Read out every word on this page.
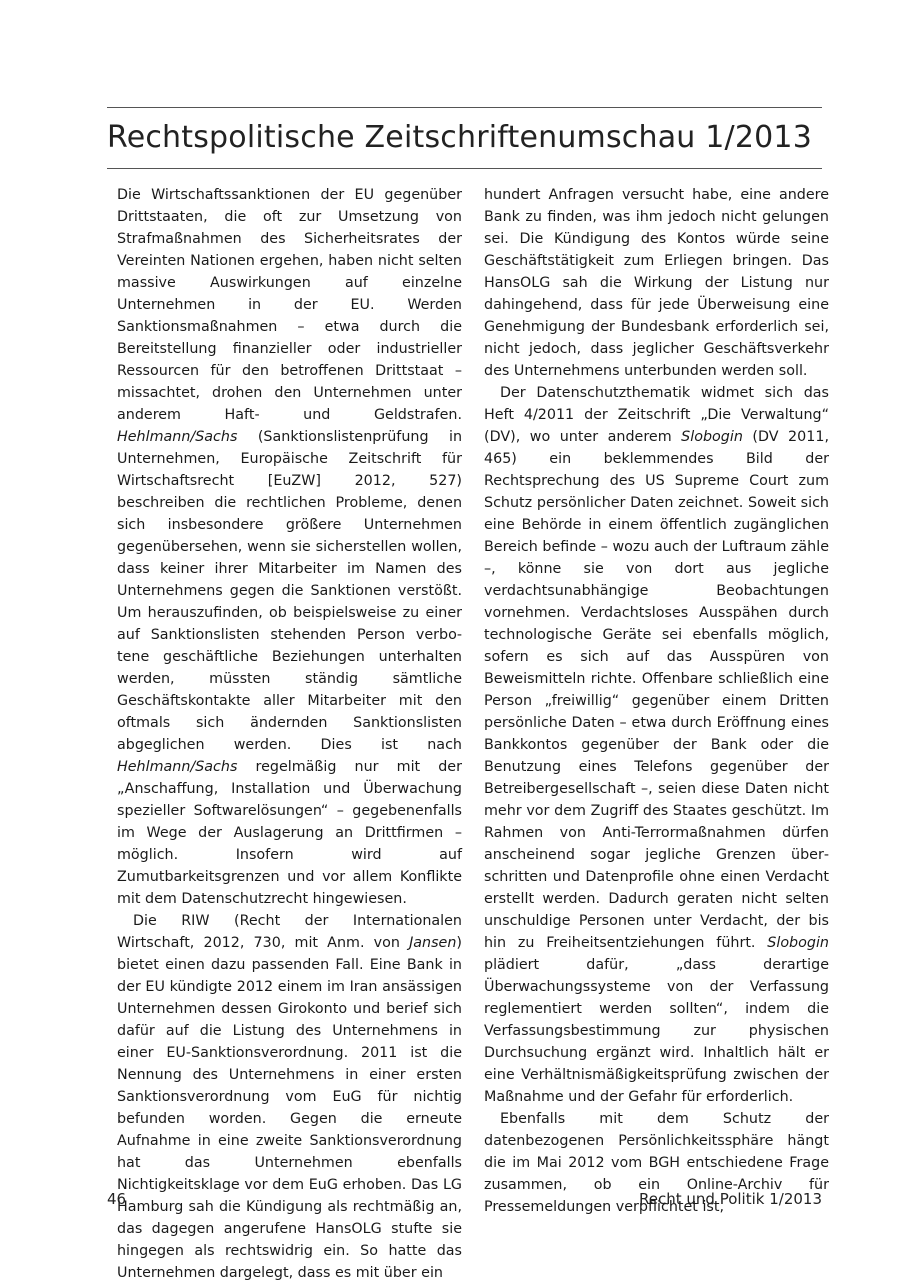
Rechtspolitische Zeitschriftenumschau 1/2013

Die Wirtschaftssanktionen der EU gegenüber Drittstaaten, die oft zur Umsetzung von Strafmaßnahmen des Sicherheitsrates der Vereinten Nationen ergehen, haben nicht selten massive Auswirkungen auf einzelne Unternehmen in der EU. Werden Sanktionsmaßnahmen – etwa durch die Bereitstellung finanzieller oder industrieller Ressourcen für den betroffenen Drittstaat – missachtet, drohen den Unternehmen unter anderem Haft- und Geldstrafen. Hehlmann/Sachs (Sanktionslistenprüfung in Unternehmen, Europäische Zeitschrift für Wirtschaftsrecht [EuZW] 2012, 527) beschreiben die rechtlichen Probleme, denen sich insbesondere größere Unternehmen gegenübersehen, wenn sie sicherstellen wollen, dass keiner ihrer Mitarbeiter im Namen des Unternehmens gegen die Sanktionen verstößt. Um herauszufinden, ob beispielsweise zu einer auf Sanktionslisten stehenden Person verbotene geschäftliche Beziehungen unterhalten werden, müssten ständig sämtliche Geschäftskontakte aller Mitarbeiter mit den oftmals sich ändernden Sanktionslisten abgeglichen werden. Dies ist nach Hehlmann/Sachs regelmäßig nur mit der „Anschaffung, Installation und Überwachung spezieller Softwarelösungen“ – gegebenenfalls im Wege der Auslagerung an Drittfirmen – möglich. Insofern wird auf Zumutbarkeitsgrenzen und vor allem Konflikte mit dem Datenschutzrecht hingewiesen.

Die RIW (Recht der Internationalen Wirtschaft, 2012, 730, mit Anm. von Jansen) bietet einen dazu passenden Fall. Eine Bank in der EU kündigte 2012 einem im Iran ansässigen Unternehmen dessen Girokonto und berief sich dafür auf die Listung des Unternehmens in einer EU-Sanktionsverordnung. 2011 ist die Nennung des Unternehmens in einer ersten Sanktionsverordnung vom EuG für nichtig befunden worden. Gegen die erneute Aufnahme in eine zweite Sanktionsverordnung hat das Unternehmen ebenfalls Nichtigkeitsklage vor dem EuG erhoben. Das LG Hamburg sah die Kündigung als rechtmäßig an, das dagegen angerufene HansOLG stufte sie hingegen als rechtswidrig ein. So hatte das Unternehmen dargelegt, dass es mit über ein

hundert Anfragen versucht habe, eine andere Bank zu finden, was ihm jedoch nicht gelungen sei. Die Kündigung des Kontos würde seine Geschäftstätigkeit zum Erliegen bringen. Das HansOLG sah die Wirkung der Listung nur dahingehend, dass für jede Überweisung eine Genehmigung der Bundesbank erforderlich sei, nicht jedoch, dass jeglicher Geschäftsverkehr des Unternehmens unterbunden werden soll.

Der Datenschutzthematik widmet sich das Heft 4/2011 der Zeitschrift „Die Verwaltung“ (DV), wo unter anderem Slobogin (DV 2011, 465) ein beklemmendes Bild der Rechtsprechung des US Supreme Court zum Schutz persönlicher Daten zeichnet. Soweit sich eine Behörde in einem öffentlich zugänglichen Bereich befinde – wozu auch der Luftraum zähle –, könne sie von dort aus jegliche verdachtsunabhängige Beobachtungen vornehmen. Verdachtsloses Ausspähen durch technologische Geräte sei ebenfalls möglich, sofern es sich auf das Ausspüren von Beweismitteln richte. Offenbare schließlich eine Person „freiwillig“ gegenüber einem Dritten persönliche Daten – etwa durch Eröffnung eines Bankkontos gegenüber der Bank oder die Benutzung eines Telefons gegenüber der Betreibergesellschaft –, seien diese Daten nicht mehr vor dem Zugriff des Staates geschützt. Im Rahmen von Anti-Terrormaßnahmen dürfen anscheinend sogar jegliche Grenzen überschritten und Datenprofile ohne einen Verdacht erstellt werden. Dadurch geraten nicht selten unschuldige Personen unter Verdacht, der bis hin zu Freiheitsentziehungen führt. Slobogin plädiert dafür, „dass derartige Überwachungssysteme von der Verfassung reglementiert werden sollten“, indem die Verfassungsbestimmung zur physischen Durchsuchung ergänzt wird. Inhaltlich hält er eine Verhältnismäßigkeitsprüfung zwischen der Maßnahme und der Gefahr für erforderlich.

Ebenfalls mit dem Schutz der datenbezogenen Persönlichkeitssphäre hängt die im Mai 2012 vom BGH entschiedene Frage zusammen, ob ein Online-Archiv für Pressemeldungen verpflichtet ist,

46	Recht und Politik 1/2013
